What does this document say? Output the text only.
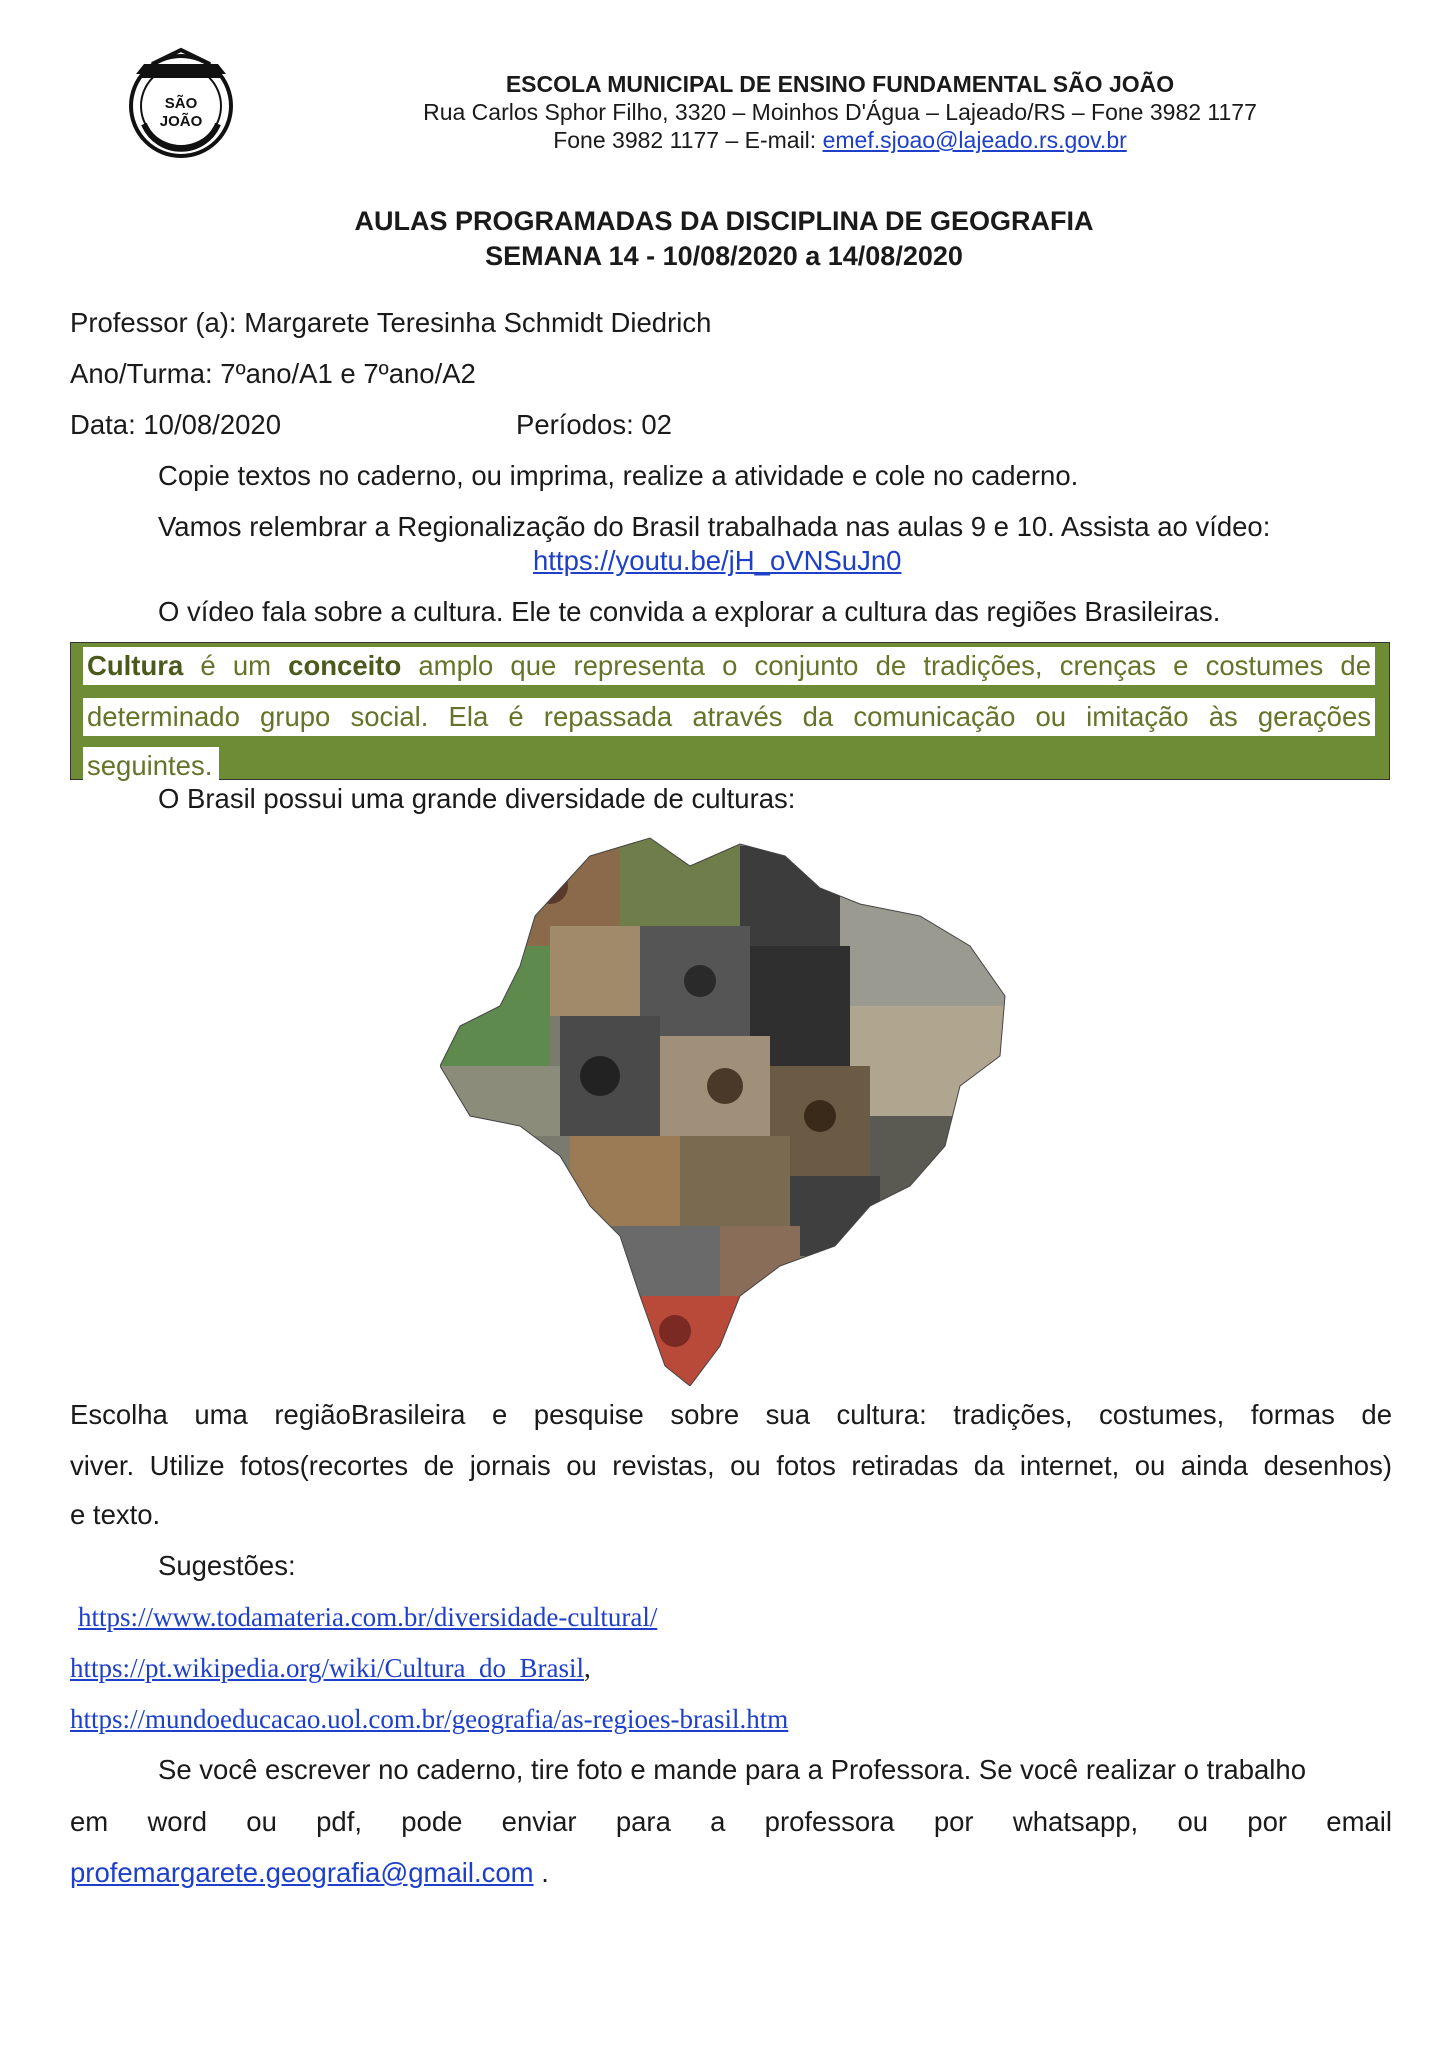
SÃO
JOÃO
ESCOLA MUNICIPAL DE ENSINO FUNDAMENTAL SÃO JOÃO
Rua Carlos Sphor Filho, 3320 – Moinhos D'Água – Lajeado/RS – Fone 3982 1177
Fone 3982 1177 – E-mail: emef.sjoao@lajeado.rs.gov.br
AULAS PROGRAMADAS DA DISCIPLINA DE GEOGRAFIA
SEMANA 14 - 10/08/2020 a 14/08/2020
Professor (a): Margarete Teresinha Schmidt Diedrich
Ano/Turma: 7ºano/A1 e 7ºano/A2
Data: 10/08/2020	Períodos: 02
Copie textos no caderno, ou imprima, realize a atividade e cole no caderno.
Vamos relembrar a Regionalização do Brasil trabalhada nas aulas 9 e 10. Assista ao vídeo:
https://youtu.be/jH_oVNSuJn0
O vídeo fala sobre a cultura. Ele te convida a explorar a cultura das regiões Brasileiras.
Cultura é um conceito amplo que representa o conjunto de tradições, crenças e costumes de
determinado grupo social. Ela é repassada através da comunicação ou imitação às gerações
seguintes.
O Brasil possui uma grande diversidade de culturas:
Escolha uma regiãoBrasileira e pesquise sobre sua cultura: tradições, costumes, formas de
viver. Utilize fotos(recortes de jornais ou revistas, ou fotos retiradas da internet, ou ainda desenhos)
e texto.
Sugestões:
https://www.todamateria.com.br/diversidade-cultural/
https://pt.wikipedia.org/wiki/Cultura_do_Brasil,
https://mundoeducacao.uol.com.br/geografia/as-regioes-brasil.htm
Se você escrever no caderno, tire foto e mande para a Professora. Se você realizar o trabalho
em word ou pdf, pode enviar para a professora por whatsapp, ou por email
profemargarete.geografia@gmail.com .
